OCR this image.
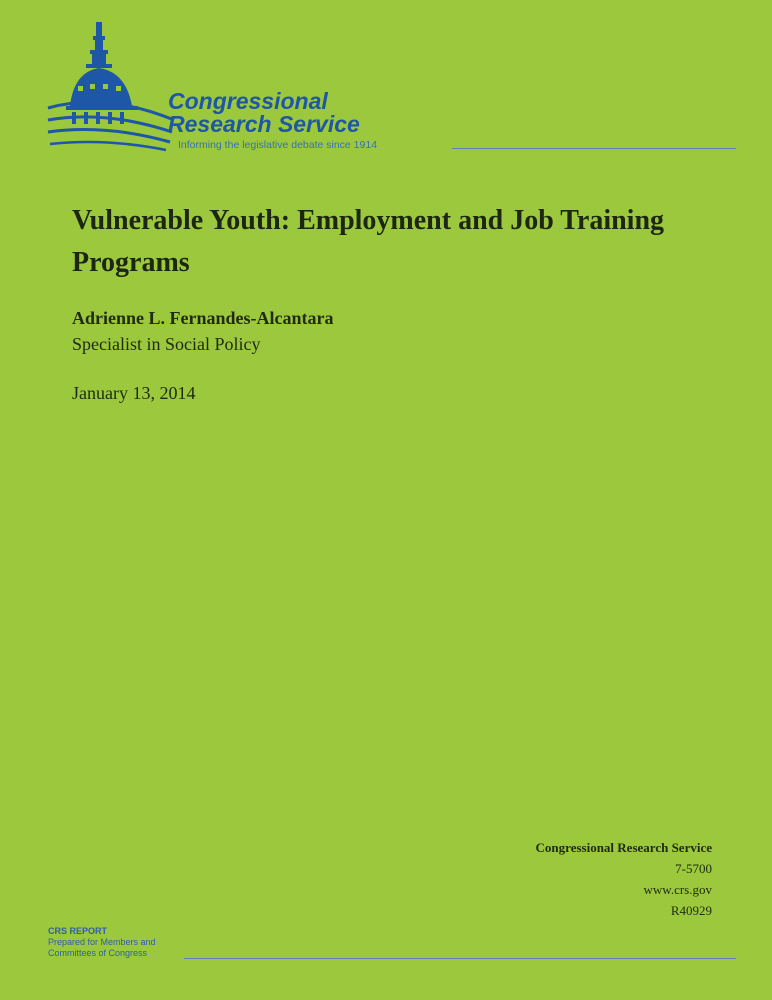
Congressional
Research Service
Informing the legislative debate since 1914
Vulnerable Youth: Employment and Job Training Programs
Adrienne L. Fernandes-Alcantara
Specialist in Social Policy
January 13, 2014
Congressional Research Service
7-5700
www.crs.gov
R40929
CRS REPORT
Prepared for Members and
Committees of Congress
